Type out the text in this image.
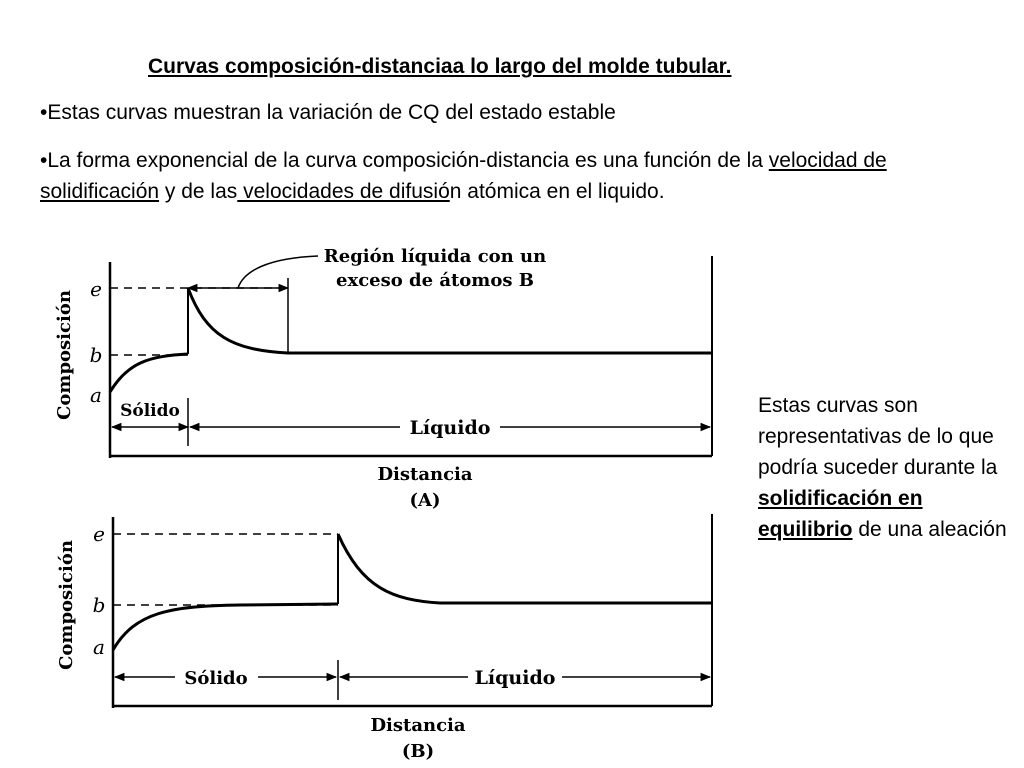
Curvas composición-distanciaa lo largo del molde tubular.
•Estas curvas muestran la variación de CQ del estado estable
•La forma exponencial de la curva composición-distancia es una función de la velocidad de solidificación y de las velocidades de difusión atómica en el liquido.
Estas curvas son representativas de lo que podría suceder durante la solidificación en equilibrio de una aleación
Composición
e
b
a
Sólido
Líquido
Región líquida con un
exceso de átomos B
Distancia
(A)
Composición
e
b
a
Sólido	Líquido
Distancia
(B)
